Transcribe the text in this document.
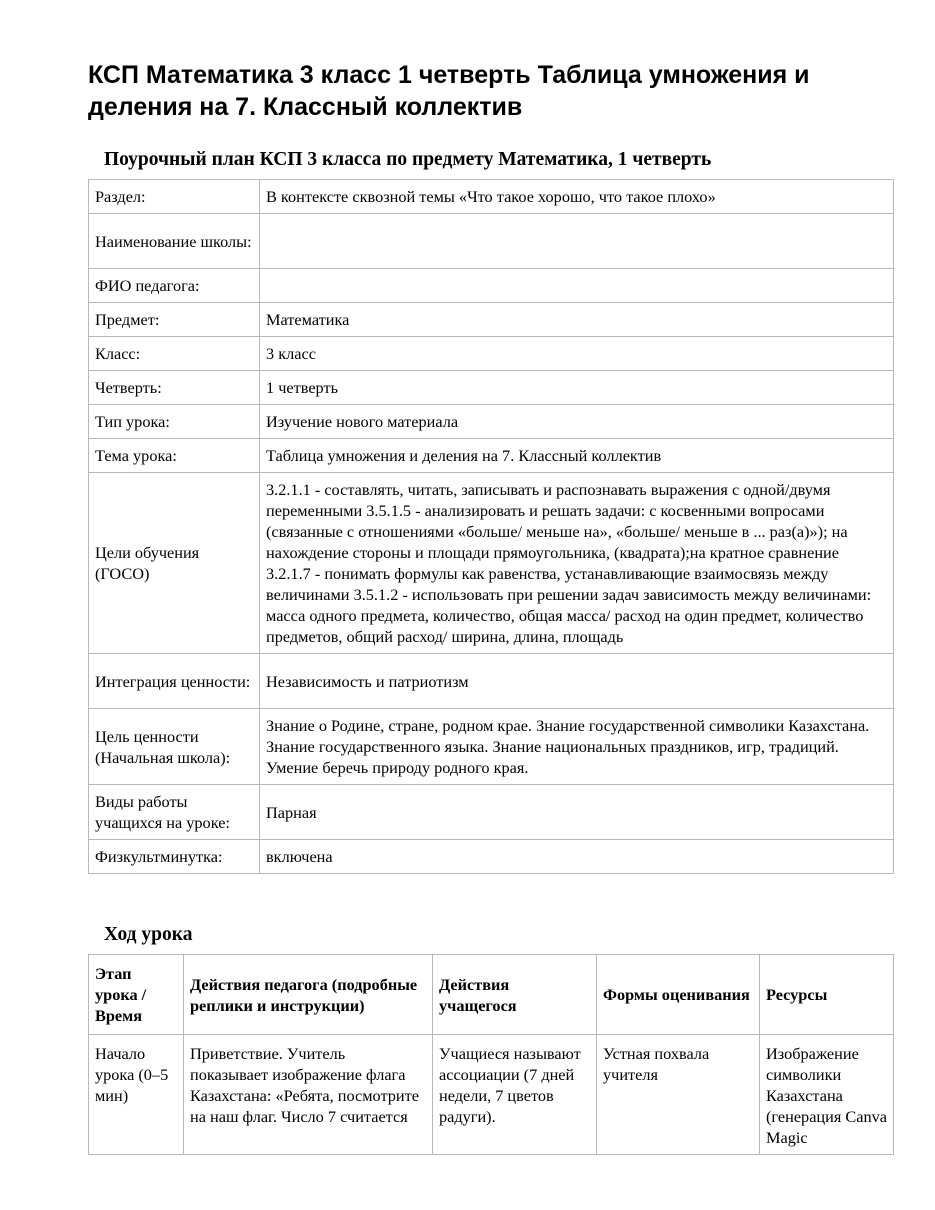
КСП Математика 3 класс 1 четверть Таблица умножения и деления на 7. Классный коллектив
Поурочный план КСП 3 класса по предмету Математика, 1 четверть
Раздел:	В контексте сквозной темы «Что такое хорошо, что такое плохо»
Наименование школы:	
ФИО педагога:	
Предмет:	Математика
Класс:	3 класс
Четверть:	1 четверть
Тип урока:	Изучение нового материала
Тема урока:	Таблица умножения и деления на 7. Классный коллектив
Цели обучения (ГОСО)	3.2.1.1 - составлять, читать, записывать и распознавать выражения с одной/двумя переменными 3.5.1.5 - анализировать и решать задачи: с косвенными вопросами (связанные с отношениями «больше/ меньше на», «больше/ меньше в ... раз(а)»); на нахождение стороны и площади прямоугольника, (квадрата);на кратное сравнение 3.2.1.7 - понимать формулы как равенства, устанавливающие взаимосвязь между величинами 3.5.1.2 - использовать при решении задач зависимость между величинами: масса одного предмета, количество, общая масса/ расход на один предмет, количество предметов, общий расход/ ширина, длина, площадь
Интеграция ценности:	Независимость и патриотизм
Цель ценности (Начальная школа):	Знание о Родине, стране, родном крае. Знание государственной символики Казахстана. Знание государственного языка. Знание национальных праздников, игр, традиций. Умение беречь природу родного края.
Виды работы учащихся на уроке:	Парная
Физкультминутка:	включена
Ход урока
Этап урока / Время	Действия педагога (подробные реплики и инструкции)	Действия учащегося	Формы оценивания	Ресурсы
Начало урока (0–5 мин)	Приветствие. Учитель показывает изображение флага Казахстана: «Ребята, посмотрите на наш флаг. Число 7 считается	Учащиеся называют ассоциации (7 дней недели, 7 цветов радуги).	Устная похвала учителя	Изображение символики Казахстана (генерация Canva Magic
